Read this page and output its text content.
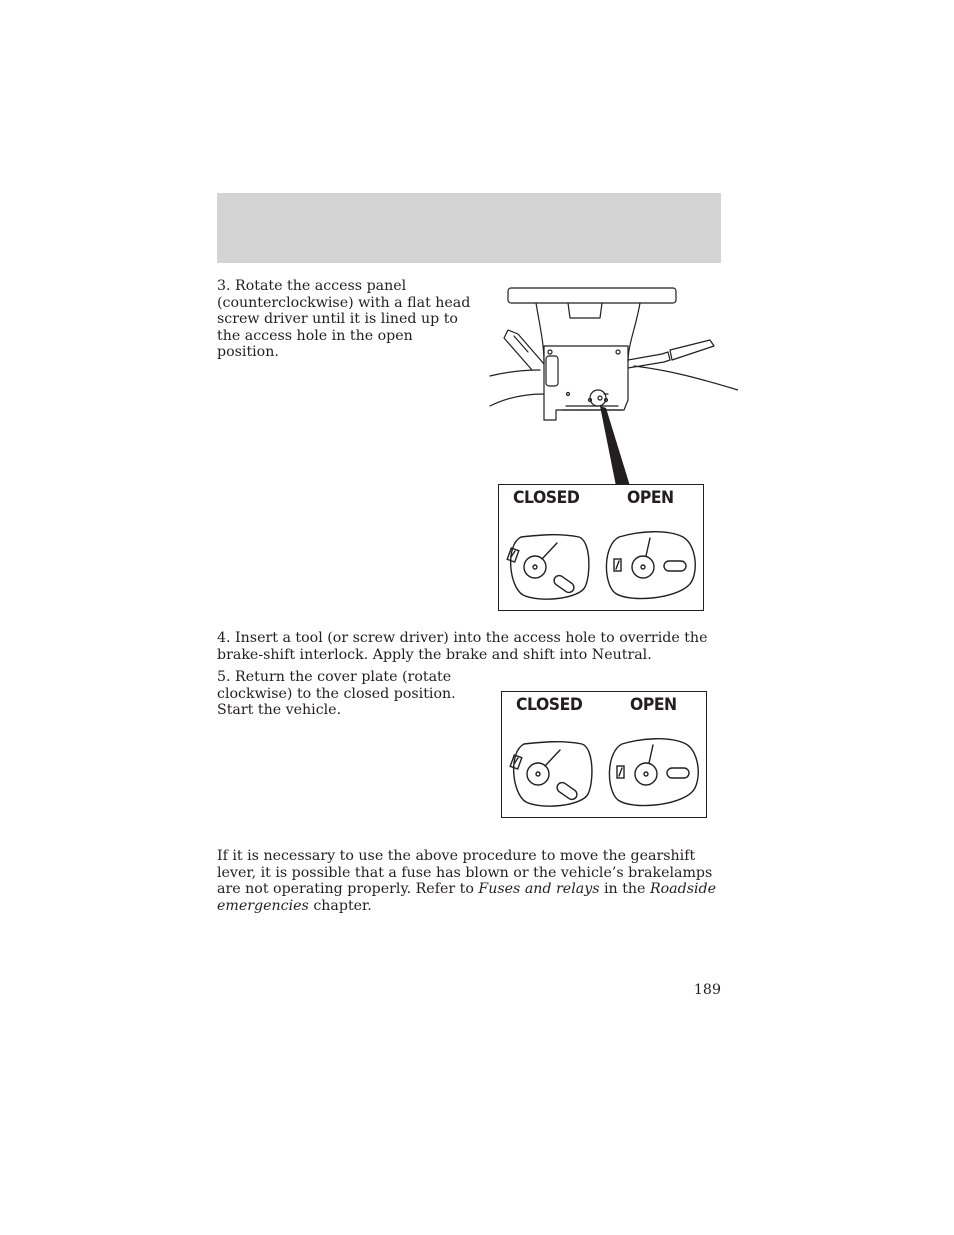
3. Rotate the access panel (counterclockwise) with a flat head screw driver until it is lined up to the access hole in the open position.

CLOSED	OPEN

4. Insert a tool (or screw driver) into the access hole to override the brake-shift interlock. Apply the brake and shift into Neutral.

5. Return the cover plate (rotate clockwise) to the closed position. Start the vehicle.	CLOSED	OPEN

If it is necessary to use the above procedure to move the gearshift lever, it is possible that a fuse has blown or the vehicle’s brakelamps are not operating properly. Refer to Fuses and relays in the Roadside emergencies chapter.

189
